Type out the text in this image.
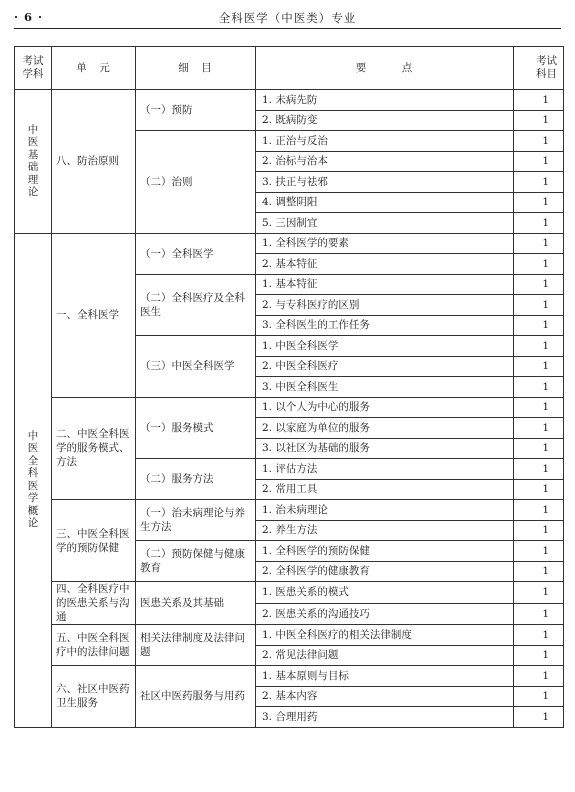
· 6 ·	全科医学（中医类）专业
考试学科	单　元	细　目	要　　　点	考试科目
中医基础理论	八、防治原则	（一）预防	1. 未病先防	1
			2. 既病防变	1
		（二）治则	1. 正治与反治	1
			2. 治标与治本	1
			3. 扶正与祛邪	1
			4. 调整阴阳	1
			5. 三因制宜	1
中医全科医学概论	一、全科医学	（一）全科医学	1. 全科医学的要素	1
			2. 基本特征	1
		（二）全科医疗及全科医生	1. 基本特征	1
			2. 与专科医疗的区别	1
			3. 全科医生的工作任务	1
		（三）中医全科医学	1. 中医全科医学	1
			2. 中医全科医疗	1
			3. 中医全科医生	1
	二、中医全科医学的服务模式、方法	（一）服务模式	1. 以个人为中心的服务	1
			2. 以家庭为单位的服务	1
			3. 以社区为基础的服务	1
		（二）服务方法	1. 评估方法	1
			2. 常用工具	1
	三、中医全科医学的预防保健	（一）治未病理论与养生方法	1. 治未病理论	1
			2. 养生方法	1
		（二）预防保健与健康教育	1. 全科医学的预防保健	1
			2. 全科医学的健康教育	1
	四、全科医疗中的医患关系与沟通	医患关系及其基础	1. 医患关系的模式	1
			2. 医患关系的沟通技巧	1
	五、中医全科医疗中的法律问题	相关法律制度及法律问题	1. 中医全科医疗的相关法律制度	1
			2. 常见法律问题	1
	六、社区中医药卫生服务	社区中医药服务与用药	1. 基本原则与目标	1
			2. 基本内容	1
			3. 合理用药	1
